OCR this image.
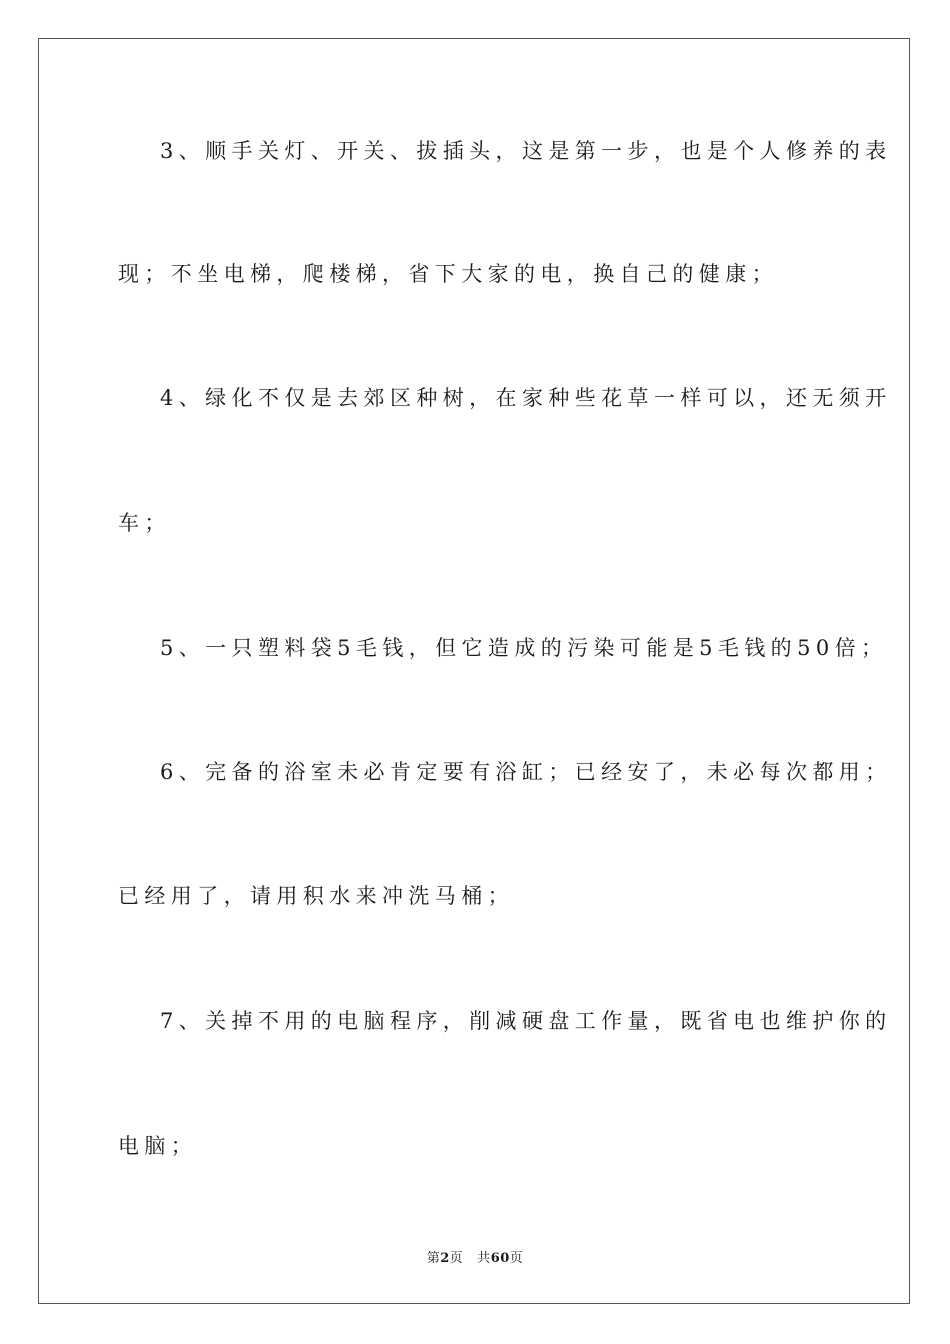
3、顺手关灯、开关、拔插头，这是第一步，也是个人修养的表
现；不坐电梯，爬楼梯，省下大家的电，换自己的健康；
4、绿化不仅是去郊区种树，在家种些花草一样可以，还无须开
车；
5、一只塑料袋5毛钱，但它造成的污染可能是5毛钱的50倍；
6、完备的浴室未必肯定要有浴缸；已经安了，未必每次都用；
已经用了，请用积水来冲洗马桶；
7、关掉不用的电脑程序，削减硬盘工作量，既省电也维护你的
电脑；
第2页 共60页
